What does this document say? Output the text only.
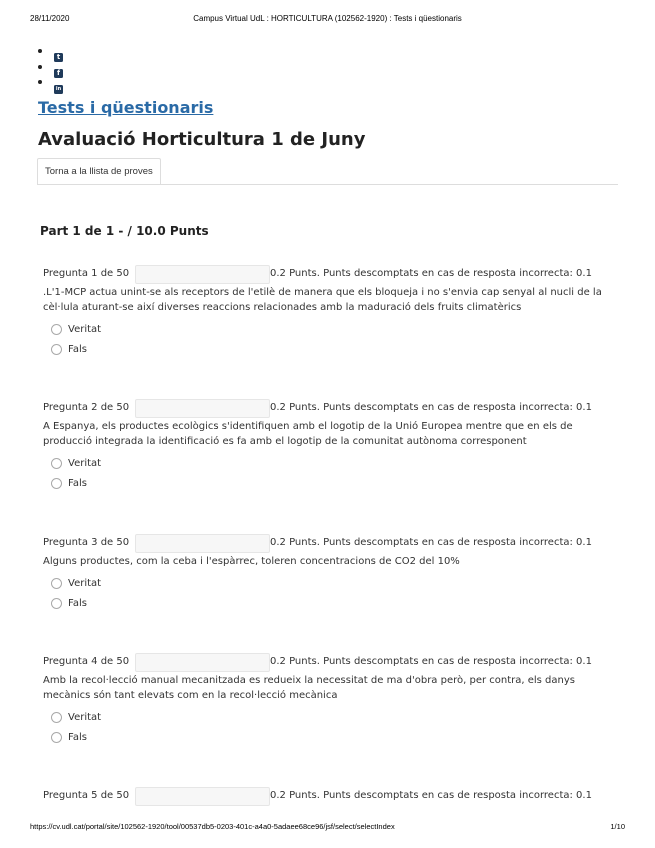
28/11/2020	Campus Virtual UdL : HORTICULTURA (102562-1920) : Tests i qüestionaris
t
f
in
Tests i qüestionaris
Avaluació Horticultura 1 de Juny
Torna a la llista de proves
Part 1 de 1 - / 10.0 Punts
Pregunta 1 de 50	0.2 Punts. Punts descomptats en cas de resposta incorrecta: 0.1
.L'1-MCP actua unint-se als receptors de l'etilè de manera que els bloqueja i no s'envia cap senyal al nucli de la cèl·lula aturant-se així diverses reaccions relacionades amb la maduració dels fruits climatèrics
Veritat
Fals
Pregunta 2 de 50	0.2 Punts. Punts descomptats en cas de resposta incorrecta: 0.1
A Espanya, els productes ecològics s'identifiquen amb el logotip de la Unió Europea mentre que en els de producció integrada la identificació es fa amb el logotip de la comunitat autònoma corresponent
Veritat
Fals
Pregunta 3 de 50	0.2 Punts. Punts descomptats en cas de resposta incorrecta: 0.1
Alguns productes, com la ceba i l'espàrrec, toleren concentracions de CO2 del 10%
Veritat
Fals
Pregunta 4 de 50	0.2 Punts. Punts descomptats en cas de resposta incorrecta: 0.1
Amb la recol·lecció manual mecanitzada es redueix la necessitat de ma d'obra però, per contra, els danys mecànics són tant elevats com en la recol·lecció mecànica
Veritat
Fals
Pregunta 5 de 50	0.2 Punts. Punts descomptats en cas de resposta incorrecta: 0.1
https://cv.udl.cat/portal/site/102562-1920/tool/00537db5-0203-401c-a4a0-5adaee68ce96/jsf/select/selectIndex	1/10
